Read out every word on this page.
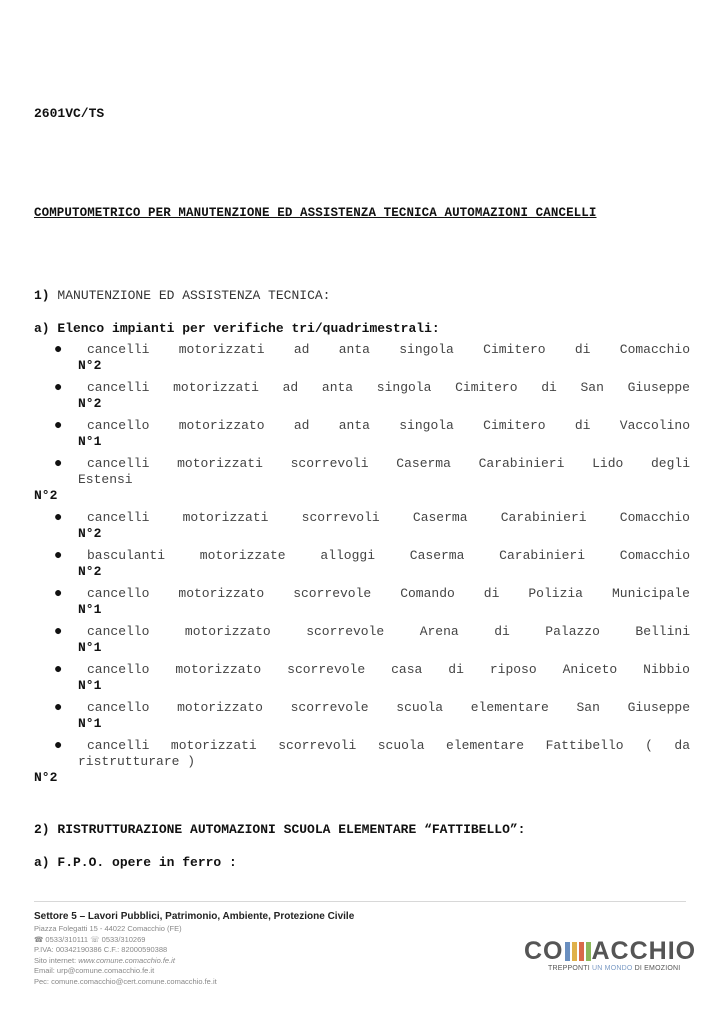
2601VC/TS
COMPUTOMETRICO PER MANUTENZIONE ED ASSISTENZA TECNICA AUTOMAZIONI CANCELLI
1) MANUTENZIONE ED ASSISTENZA TECNICA:
a) Elenco impianti per verifiche tri/quadrimestrali:
●	cancelli motorizzati ad anta singola Cimitero di Comacchio
N°2
●	cancelli motorizzati ad anta singola Cimitero di San Giuseppe
N°2
●	cancello motorizzato ad anta singola Cimitero di Vaccolino
N°1
●	cancelli motorizzati scorrevoli Caserma Carabinieri Lido degli
Estensi
N°2
●	cancelli motorizzati scorrevoli Caserma Carabinieri Comacchio
N°2
●	basculanti motorizzate alloggi Caserma Carabinieri Comacchio
N°2
●	cancello motorizzato scorrevole Comando di Polizia Municipale
N°1
●	cancello motorizzato scorrevole Arena di Palazzo Bellini
N°1
●	cancello motorizzato scorrevole casa di riposo Aniceto Nibbio
N°1
●	cancello motorizzato scorrevole scuola elementare San Giuseppe
N°1
●	cancelli motorizzati scorrevoli scuola elementare Fattibello ( da
ristrutturare )
N°2
2) RISTRUTTURAZIONE AUTOMAZIONI SCUOLA ELEMENTARE “FATTIBELLO”:
a) F.P.O. opere in ferro :
Settore 5 – Lavori Pubblici, Patrimonio, Ambiente, Protezione Civile
Piazza Folegatti 15 - 44022 Comacchio (FE)
☎ 0533/310111 ☏ 0533/310269
P.IVA: 00342190386 C.F.: 82000590388
Sito internet: www.comune.comacchio.fe.it
Email: urp@comune.comacchio.fe.it
Pec: comune.comacchio@cert.comune.comacchio.fe.it
CO ACCHIO
TREPPONTI UN MONDO DI EMOZIONI
